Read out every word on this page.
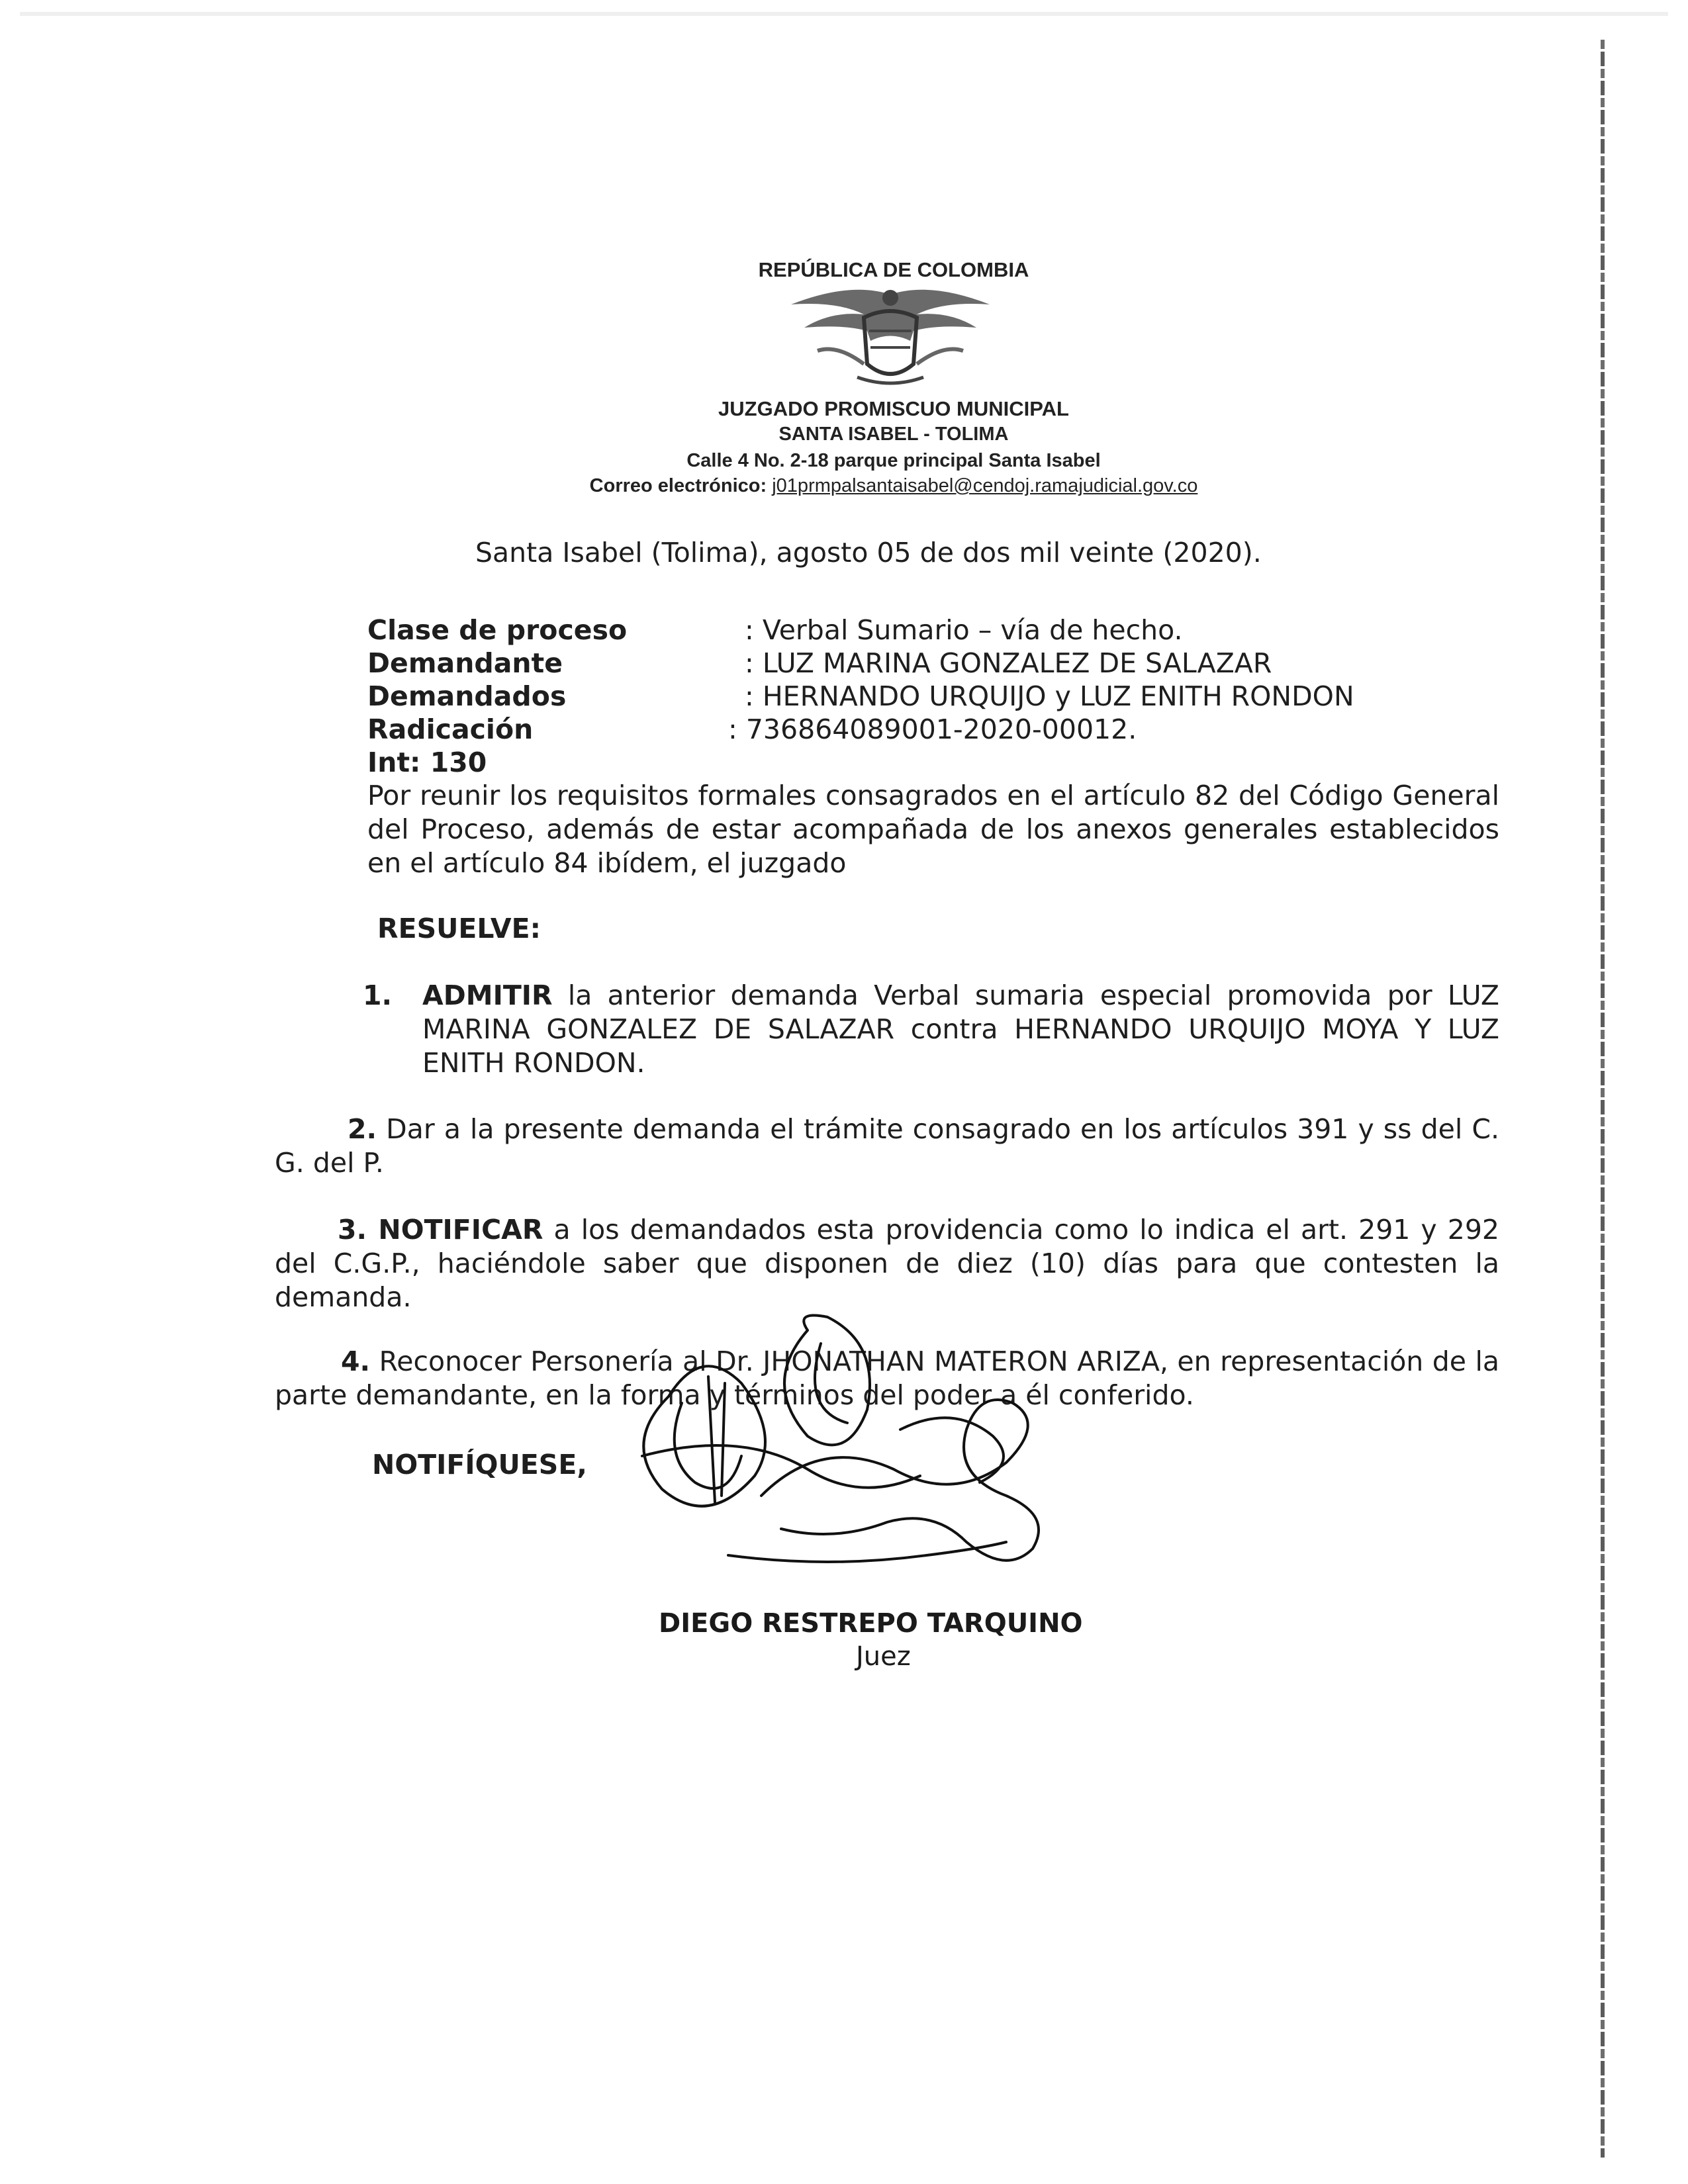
REPÚBLICA DE COLOMBIA
JUZGADO PROMISCUO MUNICIPAL
SANTA ISABEL - TOLIMA
Calle 4 No. 2-18 parque principal Santa Isabel
Correo electrónico: j01prmpalsantaisabel@cendoj.ramajudicial.gov.co
Santa Isabel (Tolima), agosto 05 de dos mil veinte (2020).
Clase de proceso	: Verbal Sumario – vía de hecho.
Demandante	: LUZ MARINA GONZALEZ DE SALAZAR
Demandados	: HERNANDO URQUIJO y LUZ ENITH RONDON
Radicación	: 736864089001-2020-00012.
Int: 130
Por reunir los requisitos formales consagrados en el artículo 82 del Código General del Proceso, además de estar acompañada de los anexos generales establecidos en el artículo 84 ibídem, el juzgado
RESUELVE:
1. ADMITIR la anterior demanda Verbal sumaria especial promovida por LUZ MARINA GONZALEZ DE SALAZAR contra HERNANDO URQUIJO MOYA Y LUZ ENITH RONDON.
2. Dar a la presente demanda el trámite consagrado en los artículos 391 y ss del C. G. del P.
3. NOTIFICAR a los demandados esta providencia como lo indica el art. 291 y 292 del C.G.P., haciéndole saber que disponen de diez (10) días para que contesten la demanda.
4. Reconocer Personería al Dr. JHONATHAN MATERON ARIZA, en representación de la parte demandante, en la forma y términos del poder a él conferido.
NOTIFÍQUESE,
DIEGO RESTREPO TARQUINO
Juez
